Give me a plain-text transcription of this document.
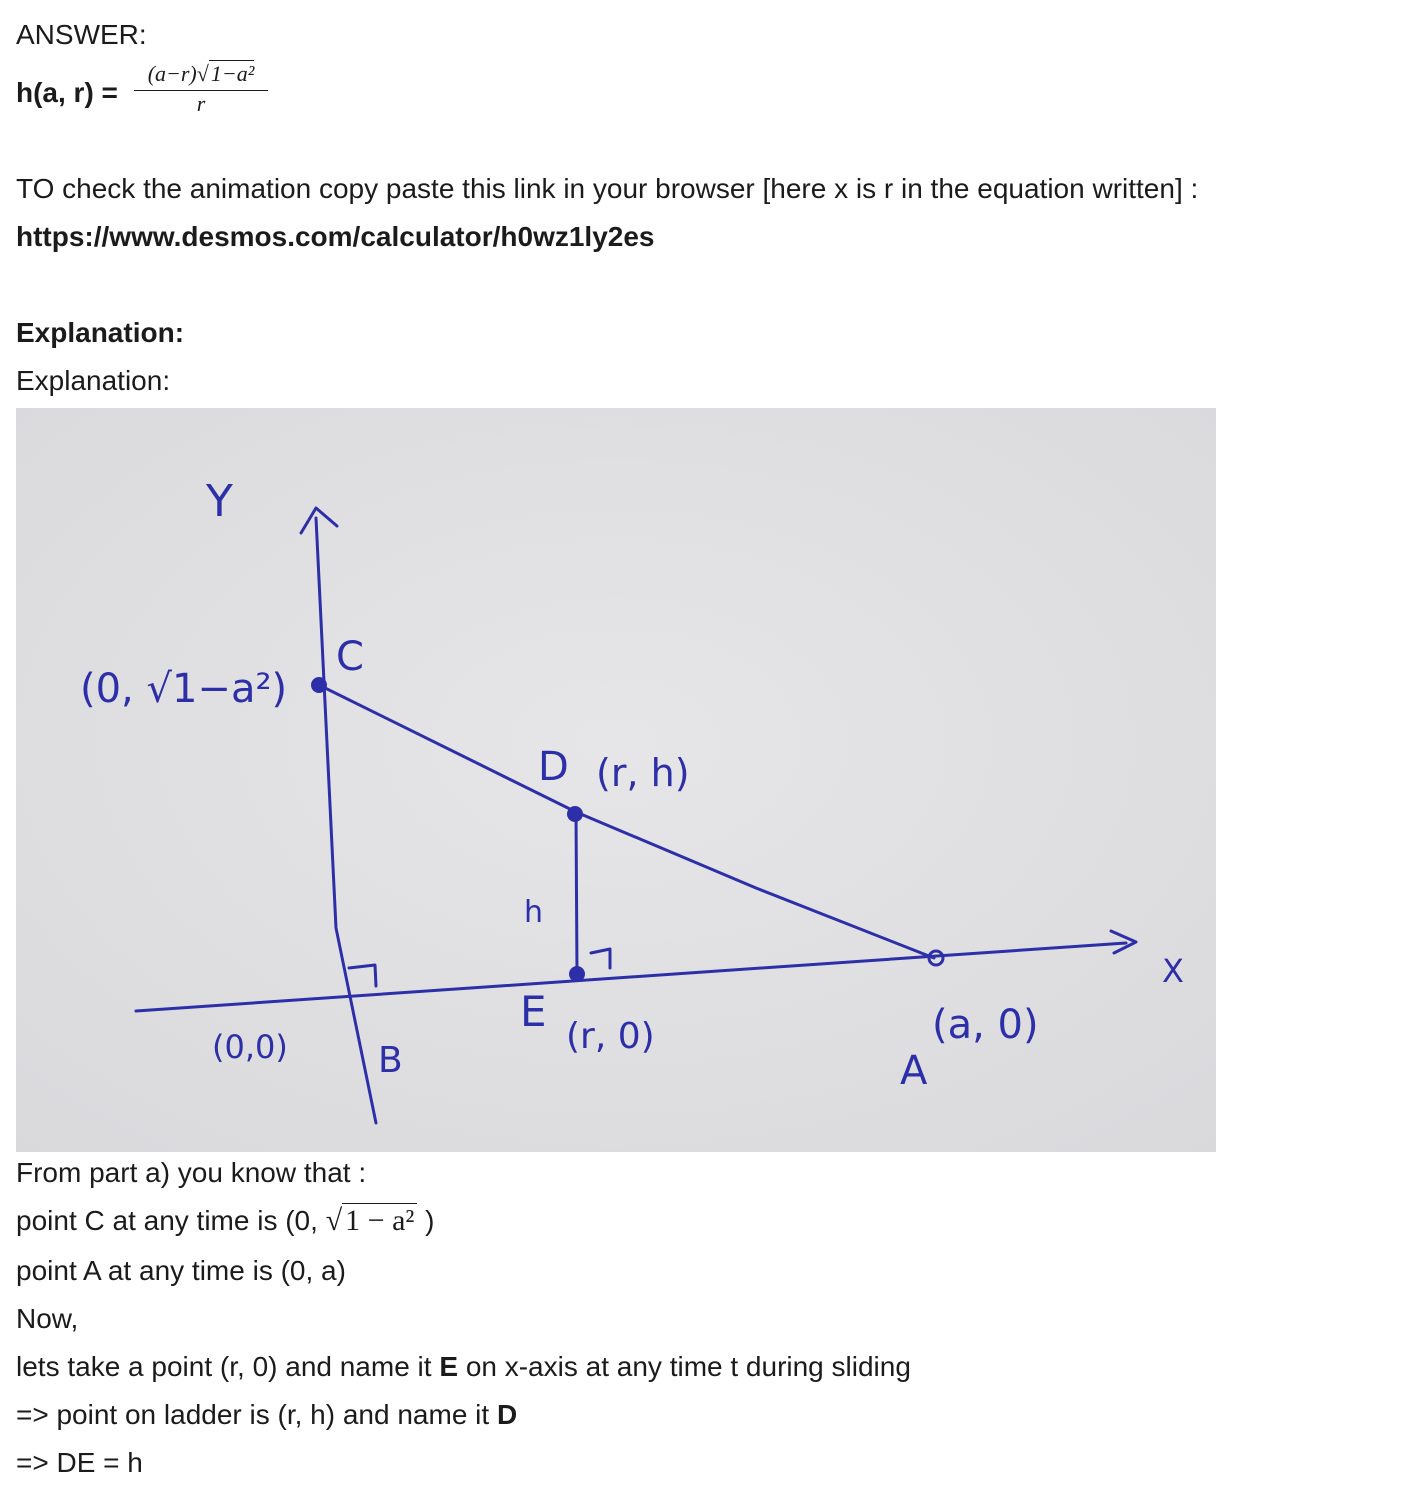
ANSWER:
h(a, $r) = \frac{\text{(a−r)√1−a²}}{r}$
TO check the animation copy paste this link in your browser [here x is r in the equation written] :
https://www.desmos.com/calculator/h0wz1ly2es
Explanation:
Explanation:
Y
X
C
(0, √1−a²)
D (r, h)
h
E
(r, 0)
B
(0,0)
A
(a, 0)
From part a) you know that :
point C at any time is (0, √ 1 − a² )
point A at any time is (0, a)
Now,
lets take a point (r, 0) and name it E on x-axis at any time t during sliding
=> point on ladder is (r, h) and name it D
=> DE = h
